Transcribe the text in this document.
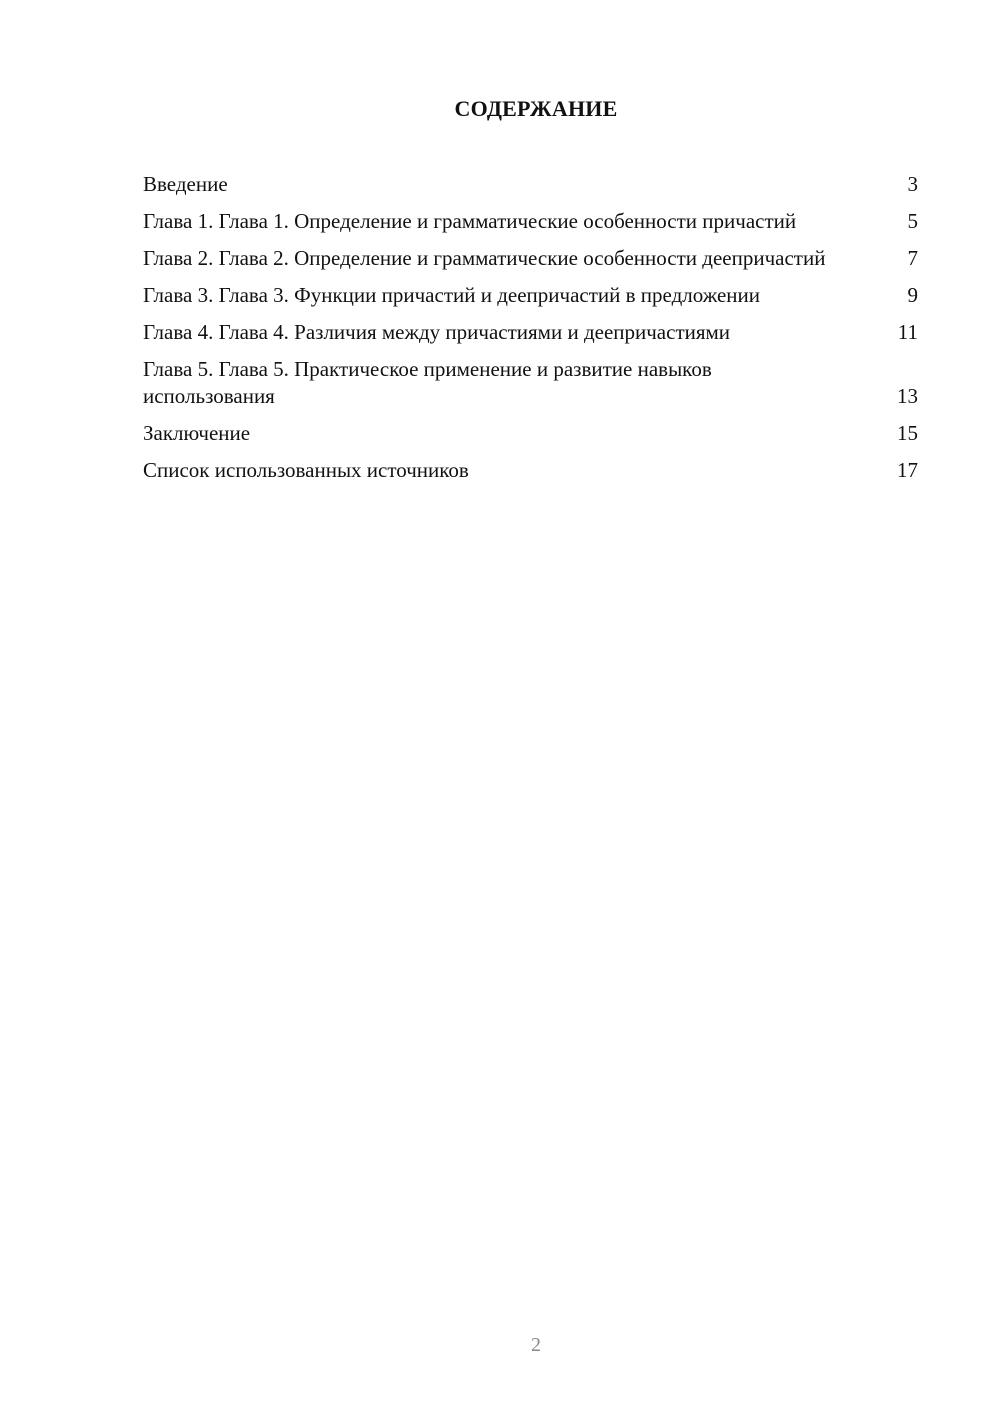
СОДЕРЖАНИЕ
Введение	3
Глава 1. Глава 1. Определение и грамматические особенности причастий	5
Глава 2. Глава 2. Определение и грамматические особенности деепричастий	7
Глава 3. Глава 3. Функции причастий и деепричастий в предложении	9
Глава 4. Глава 4. Различия между причастиями и деепричастиями	11
Глава 5. Глава 5. Практическое применение и развитие навыков использования	13
Заключение	15
Список использованных источников	17
2
